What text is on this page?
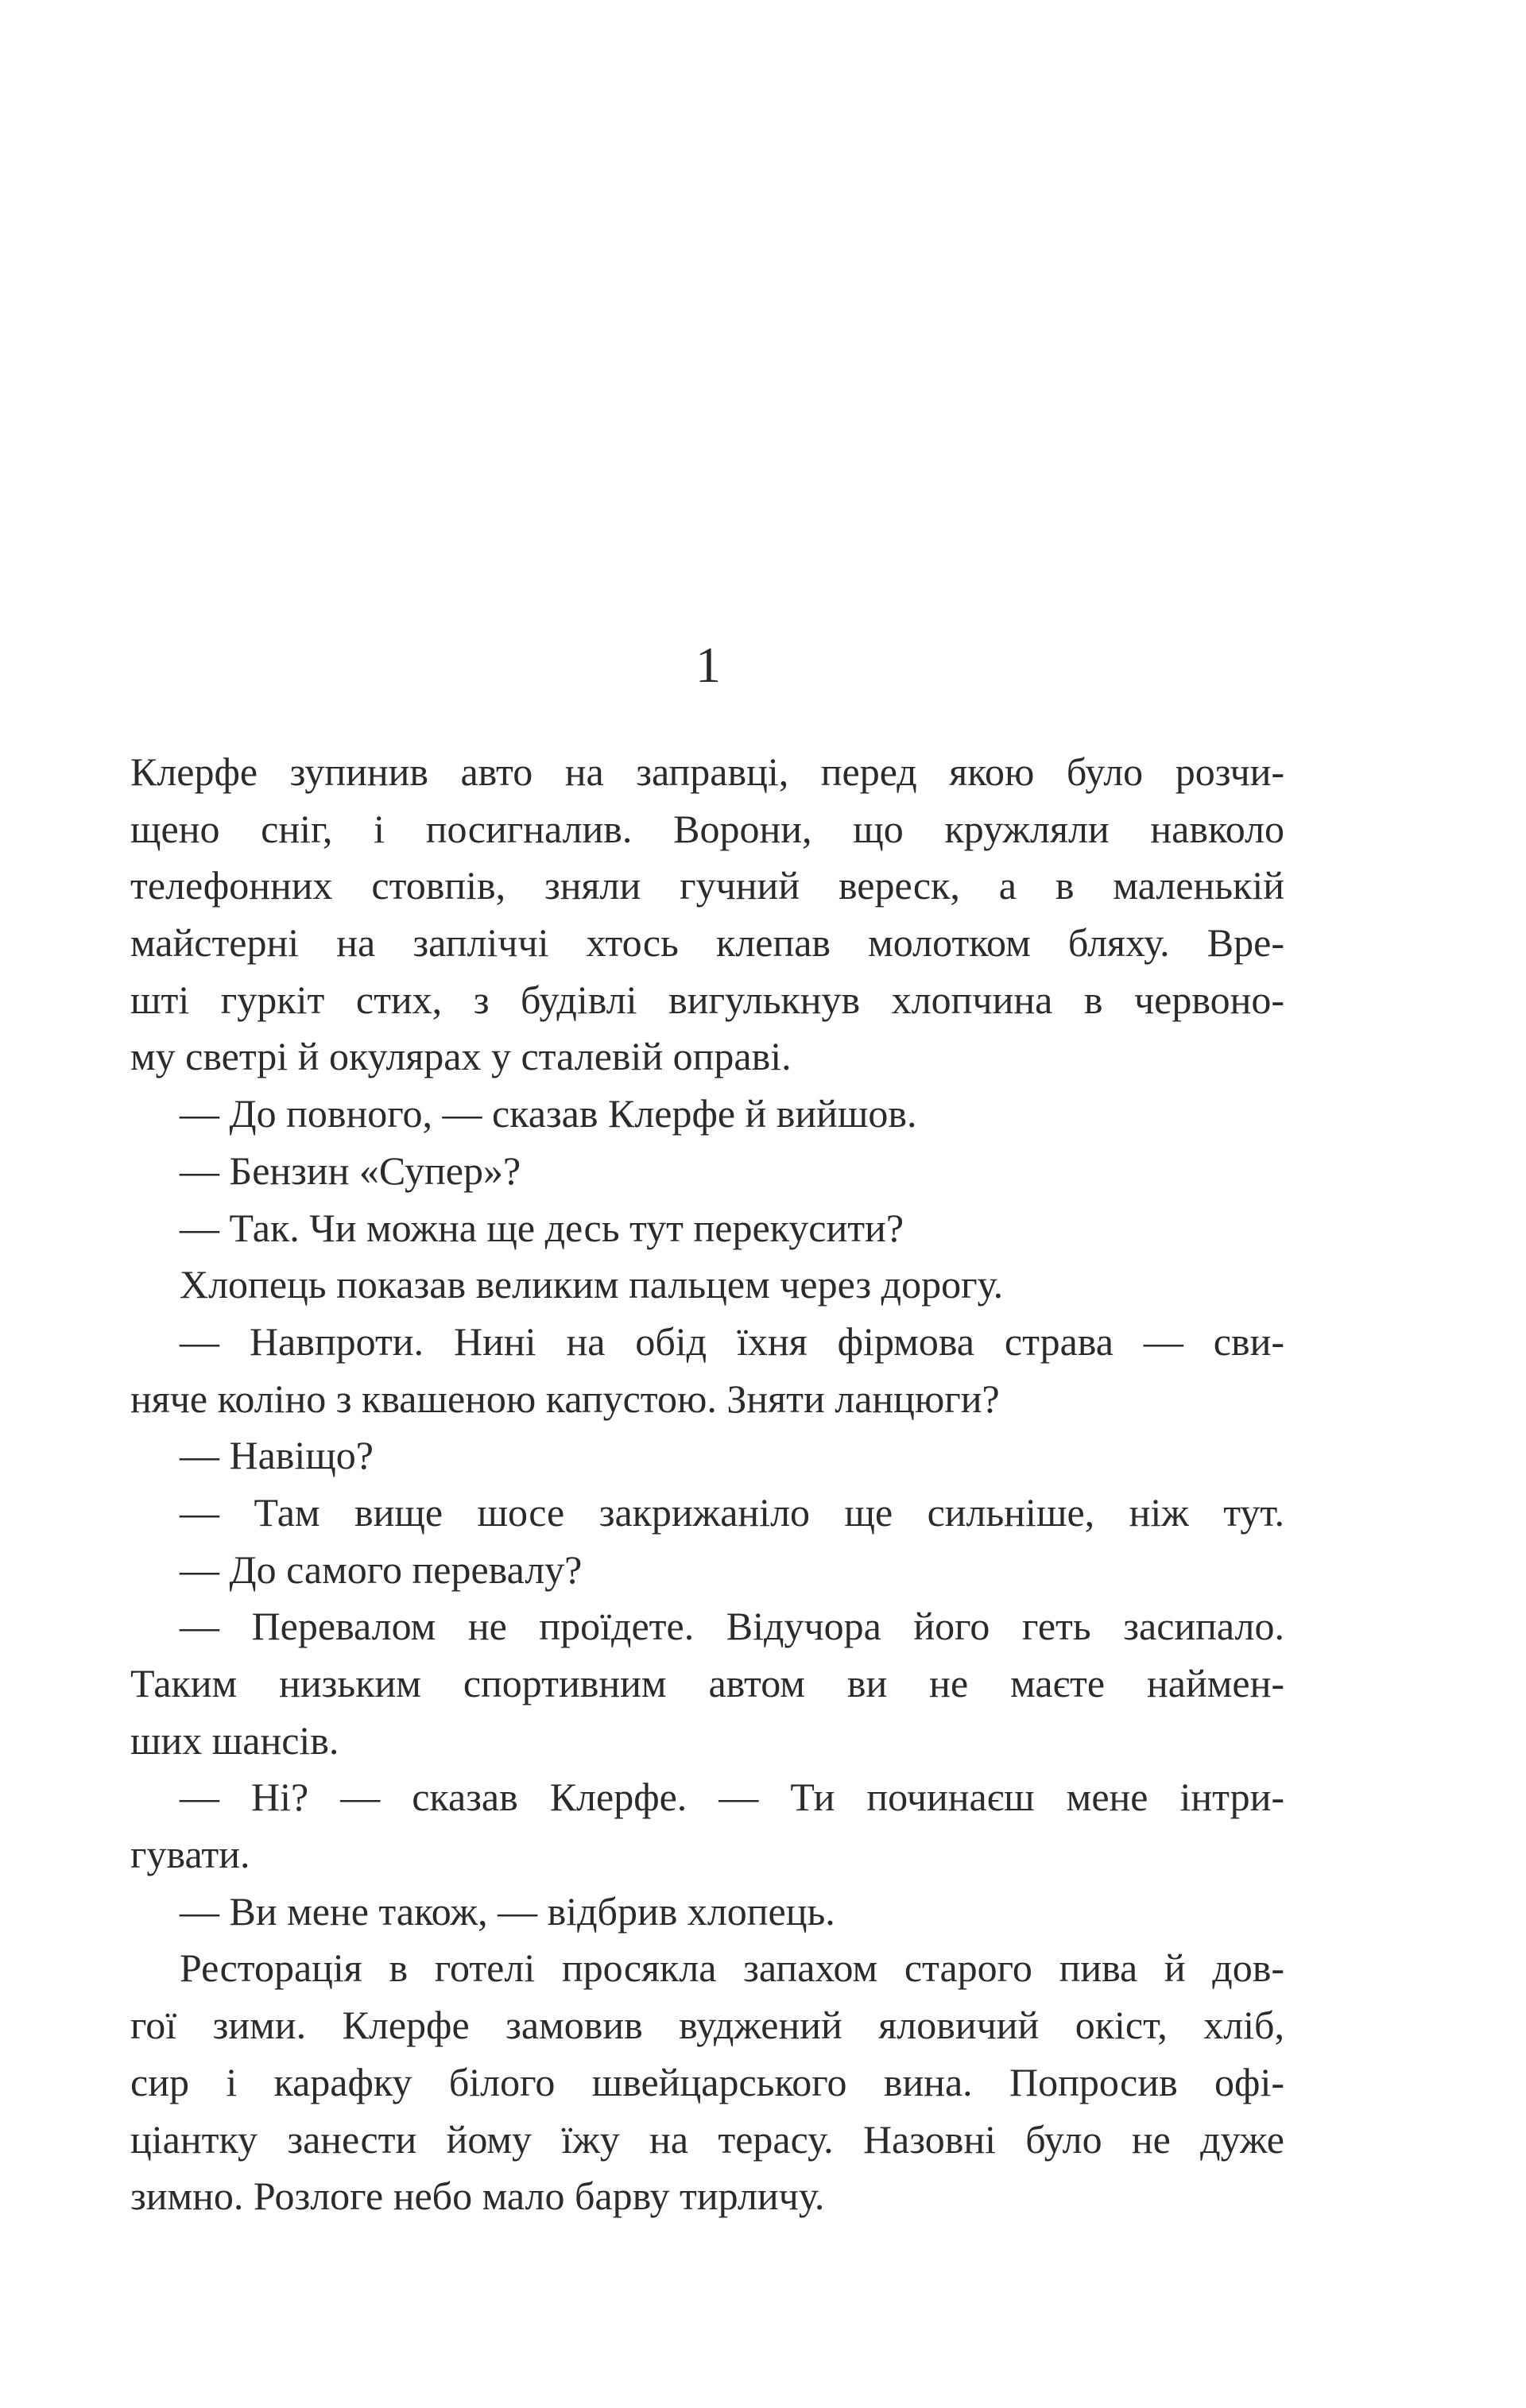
1
Клерфе зупинив авто на заправці, перед якою було розчи-
щено сніг, і посигналив. Ворони, що кружляли навколо
телефонних стовпів, зняли гучний вереск, а в маленькій
майстерні на запліччі хтось клепав молотком бляху. Вре-
шті гуркіт стих, з будівлі вигулькнув хлопчина в червоно-
му светрі й окулярах у сталевій оправі.
— До повного, — сказав Клерфе й вийшов.
— Бензин «Супер»?
— Так. Чи можна ще десь тут перекусити?
Хлопець показав великим пальцем через дорогу.
— Навпроти. Нині на обід їхня фірмова страва — сви-
няче коліно з квашеною капустою. Зняти ланцюги?
— Навіщо?
— Там вище шосе закрижаніло ще сильніше, ніж тут.
— До самого перевалу?
— Перевалом не проїдете. Відучора його геть засипало.
Таким низьким спортивним автом ви не маєте наймен-
ших шансів.
— Ні? — сказав Клерфе. — Ти починаєш мене інтри-
гувати.
— Ви мене також, — відбрив хлопець.
Ресторація в готелі просякла запахом старого пива й дов-
гої зими. Клерфе замовив вуджений яловичий окіст, хліб,
сир і карафку білого швейцарського вина. Попросив офі-
ціантку занести йому їжу на терасу. Назовні було не дуже
зимно. Розлоге небо мало барву тирличу.
